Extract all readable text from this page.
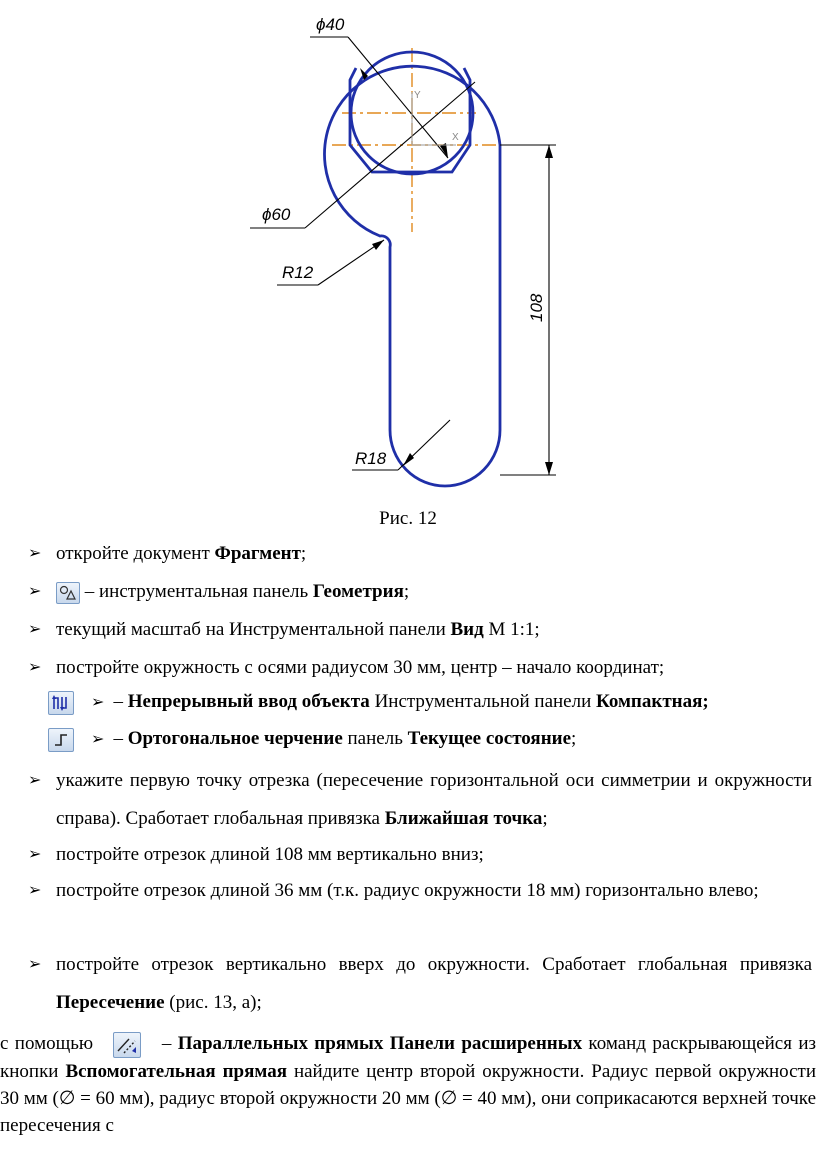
Y
X
ϕ40
ϕ60
R12
R18
108
Рис. 12
➢ откройте документ Фрагмент;
➢	– инструментальная панель Геометрия;
➢ текущий масштаб на Инструментальной панели Вид М 1:1;
➢ постройте окружность с осями радиусом 30 мм, центр – начало координат;
➢ – Непрерывный ввод объекта Инструментальной панели Компактная;
➢ – Ортогональное черчение панель Текущее состояние;
➢ укажите первую точку отрезка (пересечение горизонтальной оси симметрии и окружности справа). Сработает глобальная привязка Ближайшая точка;
➢ постройте отрезок длиной 108 мм вертикально вниз;
➢ постройте отрезок длиной 36 мм (т.к. радиус окружности 18 мм) горизонтально влево;
➢ постройте отрезок вертикально вверх до окружности. Сработает глобальная привязка Пересечение (рис. 13, а);
с помощью	– Параллельных прямых Панели расширенных команд раскрывающейся из кнопки Вспомогательная прямая найдите центр второй окружности. Радиус первой окружности 30 мм (∅ = 60 мм), радиус второй окружности 20 мм (∅ = 40 мм), они соприкасаются верхней точке пересечения с
